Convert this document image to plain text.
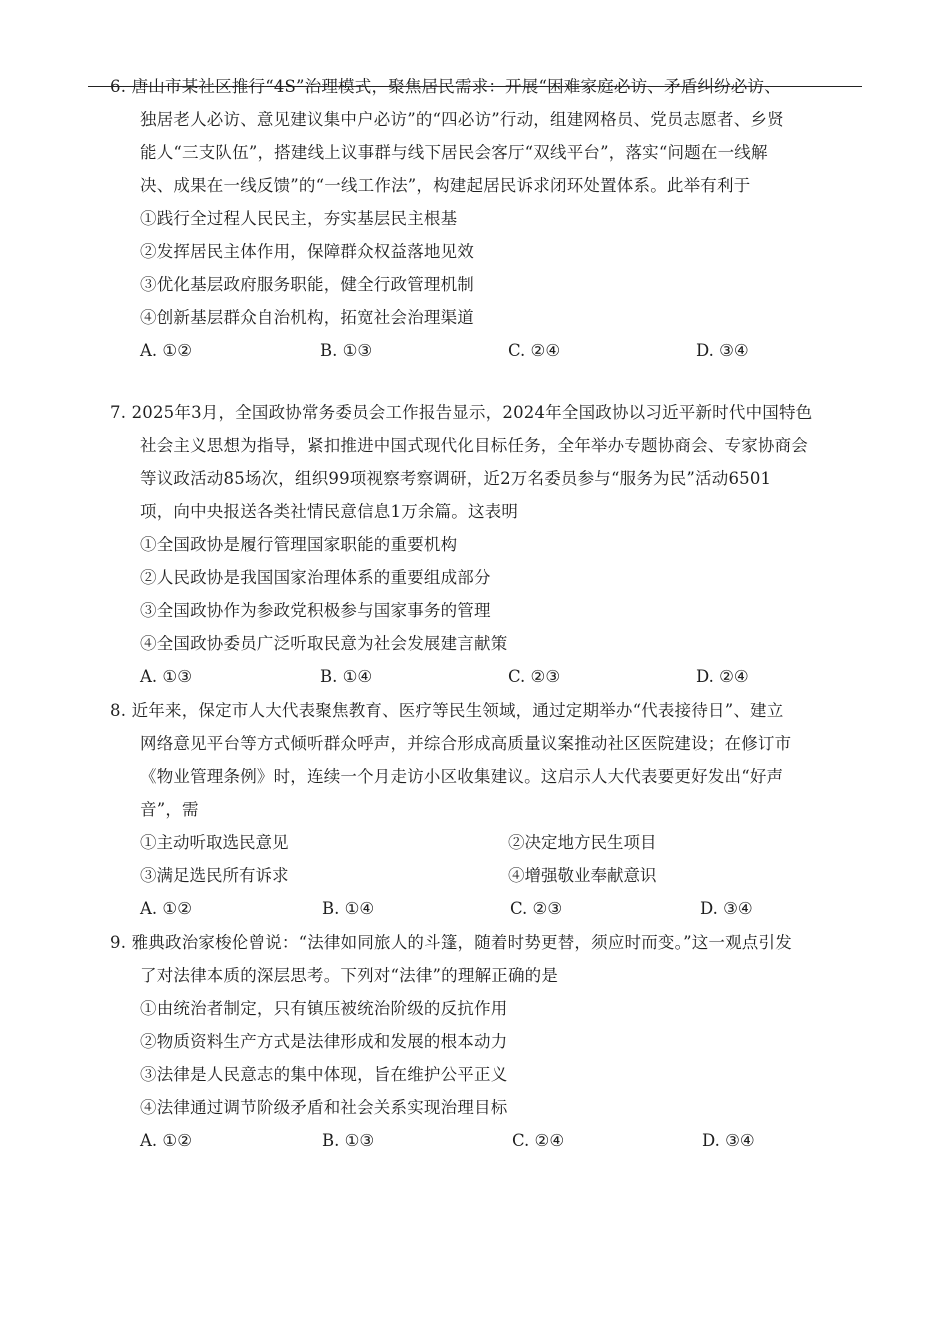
6. 唐山市某社区推行“4S”治理模式，聚焦居民需求：开展“困难家庭必访、矛盾纠纷必访、
独居老人必访、意见建议集中户必访”的“四必访”行动，组建网格员、党员志愿者、乡贤
能人“三支队伍”，搭建线上议事群与线下居民会客厅“双线平台”，落实“问题在一线解
决、成果在一线反馈”的“一线工作法”，构建起居民诉求闭环处置体系。此举有利于
①践行全过程人民民主，夯实基层民主根基
②发挥居民主体作用，保障群众权益落地见效
③优化基层政府服务职能，健全行政管理机制
④创新基层群众自治机构，拓宽社会治理渠道
A. ①②	B. ①③	C. ②④	D. ③④
7. 2025年3月，全国政协常务委员会工作报告显示，2024年全国政协以习近平新时代中国特色
社会主义思想为指导，紧扣推进中国式现代化目标任务，全年举办专题协商会、专家协商会
等议政活动85场次，组织99项视察考察调研，近2万名委员参与“服务为民”活动6501
项，向中央报送各类社情民意信息1万余篇。这表明
①全国政协是履行管理国家职能的重要机构
②人民政协是我国国家治理体系的重要组成部分
③全国政协作为参政党积极参与国家事务的管理
④全国政协委员广泛听取民意为社会发展建言献策
A. ①③	B. ①④	C. ②③	D. ②④
8. 近年来，保定市人大代表聚焦教育、医疗等民生领域，通过定期举办“代表接待日”、建立
网络意见平台等方式倾听群众呼声，并综合形成高质量议案推动社区医院建设；在修订市
《物业管理条例》时，连续一个月走访小区收集建议。这启示人大代表要更好发出“好声
音”，需
①主动听取选民意见	②决定地方民生项目
③满足选民所有诉求	④增强敬业奉献意识
A. ①②	B. ①④	C. ②③	D. ③④
9. 雅典政治家梭伦曾说：“法律如同旅人的斗篷，随着时势更替，须应时而变。”这一观点引发
了对法律本质的深层思考。下列对“法律”的理解正确的是
①由统治者制定，只有镇压被统治阶级的反抗作用
②物质资料生产方式是法律形成和发展的根本动力
③法律是人民意志的集中体现，旨在维护公平正义
④法律通过调节阶级矛盾和社会关系实现治理目标
A. ①②	B. ①③	C. ②④	D. ③④
